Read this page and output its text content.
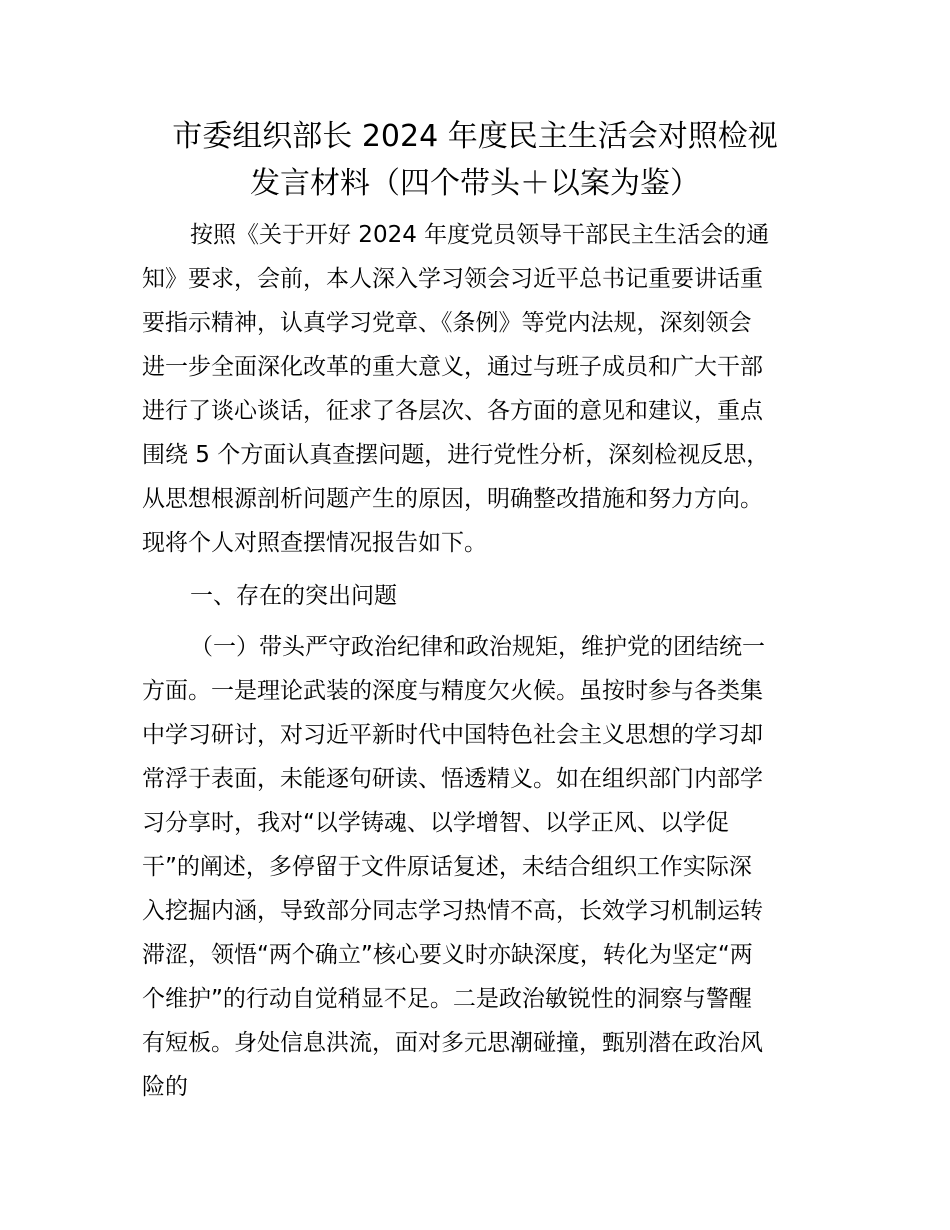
市委组织部长 2024 年度民主生活会对照检视
发言材料（四个带头＋以案为鉴）

按照《关于开好 2024 年度党员领导干部民主生活会的通
知》要求，会前，本人深入学习领会习近平总书记重要讲话重
要指示精神，认真学习党章、《条例》等党内法规，深刻领会
进一步全面深化改革的重大意义，通过与班子成员和广大干部
进行了谈心谈话，征求了各层次、各方面的意见和建议，重点
围绕 5 个方面认真查摆问题，进行党性分析，深刻检视反思，
从思想根源剖析问题产生的原因，明确整改措施和努力方向。
现将个人对照查摆情况报告如下。

一、存在的突出问题

（一）带头严守政治纪律和政治规矩，维护党的团结统一
方面。一是理论武装的深度与精度欠火候。虽按时参与各类集
中学习研讨，对习近平新时代中国特色社会主义思想的学习却
常浮于表面，未能逐句研读、悟透精义。如在组织部门内部学
习分享时，我对“以学铸魂、以学增智、以学正风、以学促
干”的阐述，多停留于文件原话复述，未结合组织工作实际深
入挖掘内涵，导致部分同志学习热情不高，长效学习机制运转
滞涩，领悟“两个确立”核心要义时亦缺深度，转化为坚定“两
个维护”的行动自觉稍显不足。二是政治敏锐性的洞察与警醒
有短板。身处信息洪流，面对多元思潮碰撞，甄别潜在政治风
险的
